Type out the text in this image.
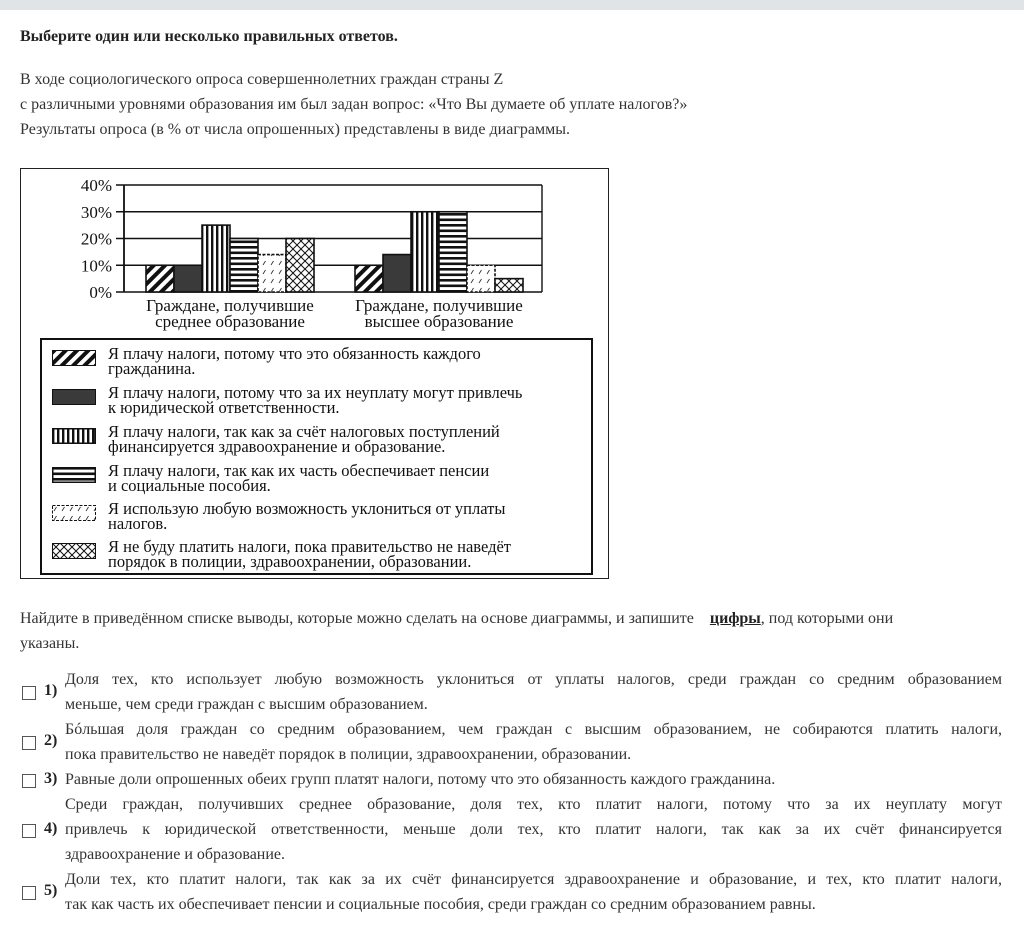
Выберите один или несколько правильных ответов.
В ходе социологического опроса совершеннолетних граждан страны Z
с различными уровнями образования им был задан вопрос: «Что Вы думаете об уплате налогов?»
Результаты опроса (в % от числа опрошенных) представлены в виде диаграммы.
0%
10%
20%
30%
40%
Граждане, получившие
среднее образование
Граждане, получившие
высшее образование
Я плачу налоги, потому что это обязанность каждого
гражданина.
Я плачу налоги, потому что за их неуплату могут привлечь
к юридической ответственности.
Я плачу налоги, так как за счёт налоговых поступлений
финансируется здравоохранение и образование.
Я плачу налоги, так как их часть обеспечивает пенсии
и социальные пособия.
Я использую любую возможность уклониться от уплаты
налогов.
Я не буду платить налоги, пока правительство не наведёт
порядок в полиции, здравоохранении, образовании.
Найдите в приведённом списке выводы, которые можно сделать на основе диаграммы, и запишите цифры, под которыми они
указаны.
1)
Доля тех, кто использует любую возможность уклониться от уплаты налогов, среди граждан со средним образованием
меньше, чем среди граждан с высшим образованием.
2)
Бóльшая доля граждан со средним образованием, чем граждан с высшим образованием, не собираются платить налоги,
пока правительство не наведёт порядок в полиции, здравоохранении, образовании.
3) Равные доли опрошенных обеих групп платят налоги, потому что это обязанность каждого гражданина.
4)
Среди граждан, получивших среднее образование, доля тех, кто платит налоги, потому что за их неуплату могут
привлечь к юридической ответственности, меньше доли тех, кто платит налоги, так как за их счёт финансируется
здравоохранение и образование.
5)
Доли тех, кто платит налоги, так как за их счёт финансируется здравоохранение и образование, и тех, кто платит налоги,
так как часть их обеспечивает пенсии и социальные пособия, среди граждан со средним образованием равны.
